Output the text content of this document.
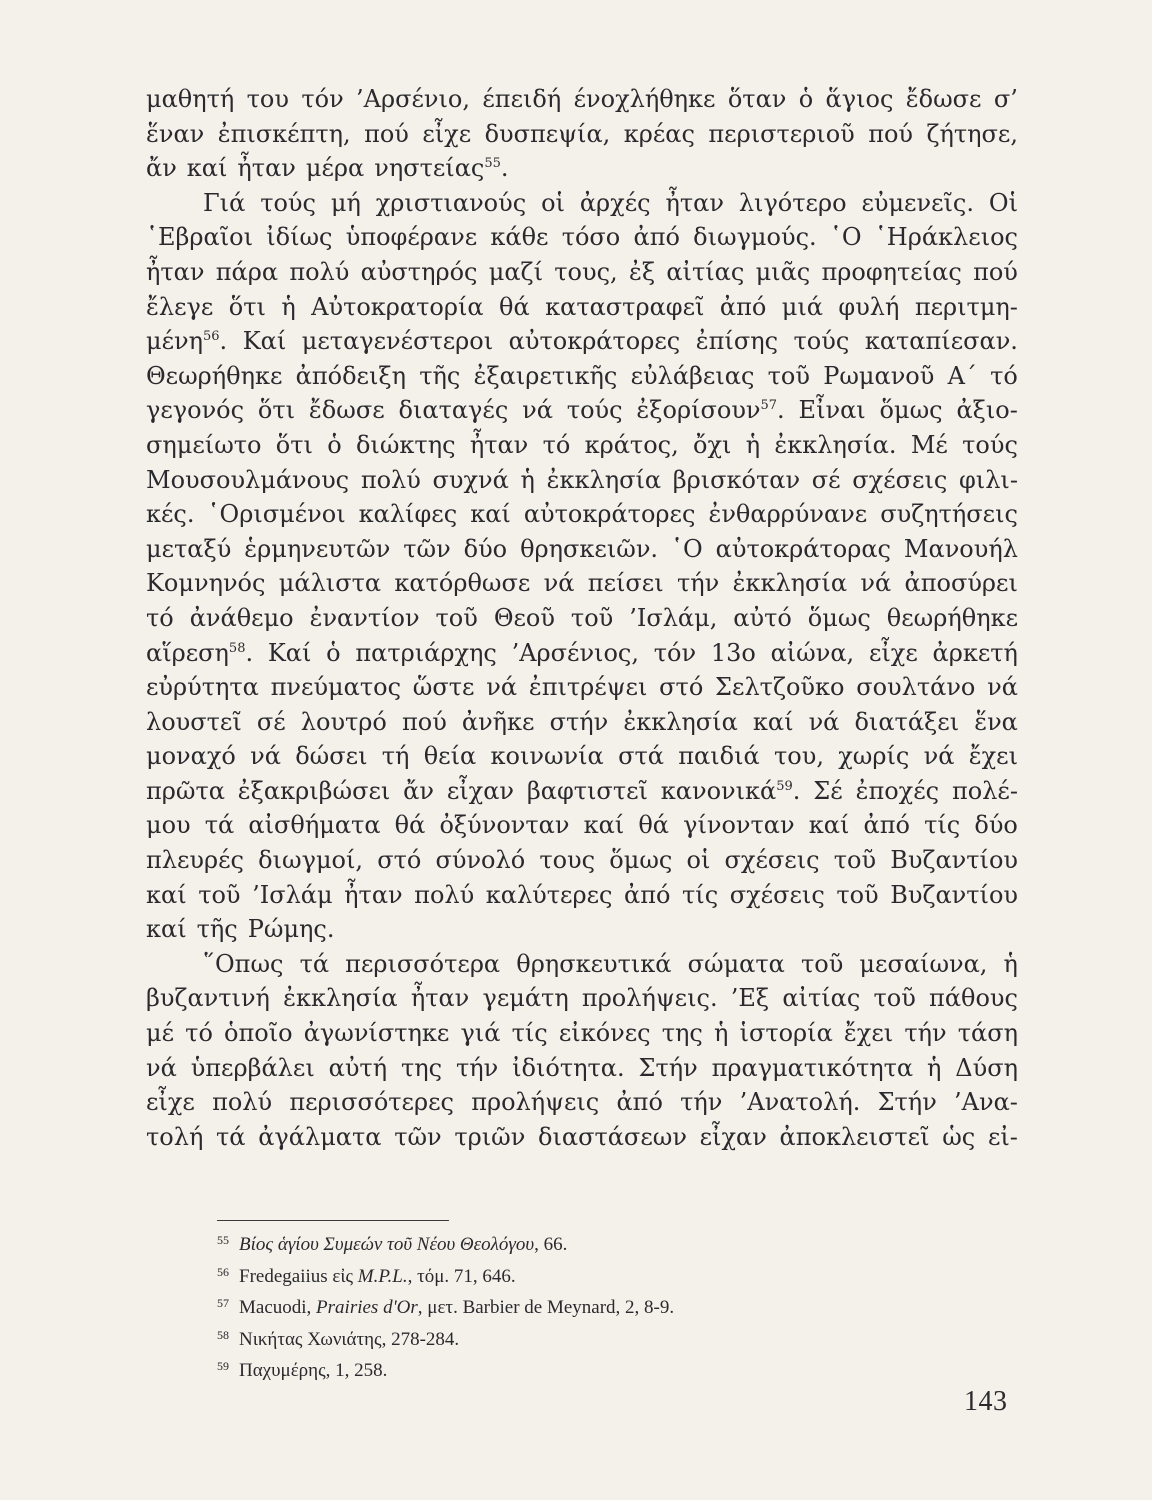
μαθητή του τόν ’Αρσένιο, έπειδή ένοχλήθηκε ὅταν ὁ ἅγιος ἔδωσε σ’
ἕναν ἐπισκέπτη, πού εἶχε δυσπεψία, κρέας περιστεριοῦ πού ζήτησε,
ἄν καί ἦταν μέρα νηστείας$^{55}$.
Γιά τούς μή χριστιανούς οἱ ἀρχές ἦταν λιγότερο εὐμενεῖς. Οἱ
῾Εβραῖοι ἰδίως ὑποφέρανε κάθε τόσο ἀπό διωγμούς. ῾Ο ῾Ηράκλειος
ἦταν πάρα πολύ αὐστηρός μαζί τους, ἐξ αἰτίας μιᾶς προφητείας πού
ἔλεγε ὅτι ἡ Αὐτοκρατορία θά καταστραφεῖ ἀπό μιά φυλή περιτμη-
μένη$^{56}$. Καί μεταγενέστεροι αὐτοκράτορες ἐπίσης τούς καταπίεσαν.
Θεωρήθηκε ἀπόδειξη τῆς ἐξαιρετικῆς εὐλάβειας τοῦ Ρωμανοῦ Α΄ τό
γεγονός ὅτι ἔδωσε διαταγές νά τούς ἐξορίσουν$^{57}$. Εἶναι ὅμως ἀξιο-
σημείωτο ὅτι ὁ διώκτης ἦταν τό κράτος, ὄχι ἡ ἐκκλησία. Μέ τούς
Μουσουλμάνους πολύ συχνά ἡ ἐκκλησία βρισκόταν σέ σχέσεις φιλι-
κές. ῾Ορισμένοι καλίφες καί αὐτοκράτορες ἐνθαρρύνανε συζητήσεις
μεταξύ ἑρμηνευτῶν τῶν δύο θρησκειῶν. ῾Ο αὐτοκράτορας Μανουήλ
Κομνηνός μάλιστα κατόρθωσε νά πείσει τήν ἐκκλησία νά ἀποσύρει
τό ἀνάθεμο ἐναντίον τοῦ Θεοῦ τοῦ ’Ισλάμ, αὐτό ὅμως θεωρήθηκε
αἵρεση$^{58}$. Καί ὁ πατριάρχης ’Αρσένιος, τόν 13ο αἰώνα, εἶχε ἀρκετή
εὐρύτητα πνεύματος ὥστε νά ἐπιτρέψει στό Σελτζοῦκο σουλτάνο νά
λουστεῖ σέ λουτρό πού ἀνῆκε στήν ἐκκλησία καί νά διατάξει ἕνα
μοναχό νά δώσει τή θεία κοινωνία στά παιδιά του, χωρίς νά ἔχει
πρῶτα ἐξακριβώσει ἄν εἶχαν βαφτιστεῖ κανονικά$^{59}$. Σέ ἐποχές πολέ-
μου τά αἰσθήματα θά ὀξύνονταν καί θά γίνονταν καί ἀπό τίς δύο
πλευρές διωγμοί, στό σύνολό τους ὅμως οἱ σχέσεις τοῦ Βυζαντίου
καί τοῦ ’Ισλάμ ἦταν πολύ καλύτερες ἀπό τίς σχέσεις τοῦ Βυζαντίου
καί τῆς Ρώμης.
῞Οπως τά περισσότερα θρησκευτικά σώματα τοῦ μεσαίωνα, ἡ
βυζαντινή ἐκκλησία ἦταν γεμάτη προλήψεις. ’Εξ αἰτίας τοῦ πάθους
μέ τό ὁποῖο ἀγωνίστηκε γιά τίς εἰκόνες της ἡ ἱστορία ἔχει τήν τάση
νά ὑπερβάλει αὐτή της τήν ἰδιότητα. Στήν πραγματικότητα ἡ Δύση
εἶχε πολύ περισσότερες προλήψεις ἀπό τήν ’Ανατολή. Στήν ’Ανα-
τολή τά ἀγάλματα τῶν τριῶν διαστάσεων εἶχαν ἀποκλειστεῖ ὡς εἰ-
$^{55}$ Βίος ἁγίου Συμεών τοῦ Νέου Θεολόγου, 66.
$^{56}$ Fredegaiius εἰς M.P.L., τόμ. 71, 646.
$^{57}$ Macuodi, Prairies d'Or, μετ. Barbier de Meynard, 2, 8-9.
$^{58}$ Νικήτας Χωνιάτης, 278-284.
$^{59}$ Παχυμέρης, 1, 258.
143
